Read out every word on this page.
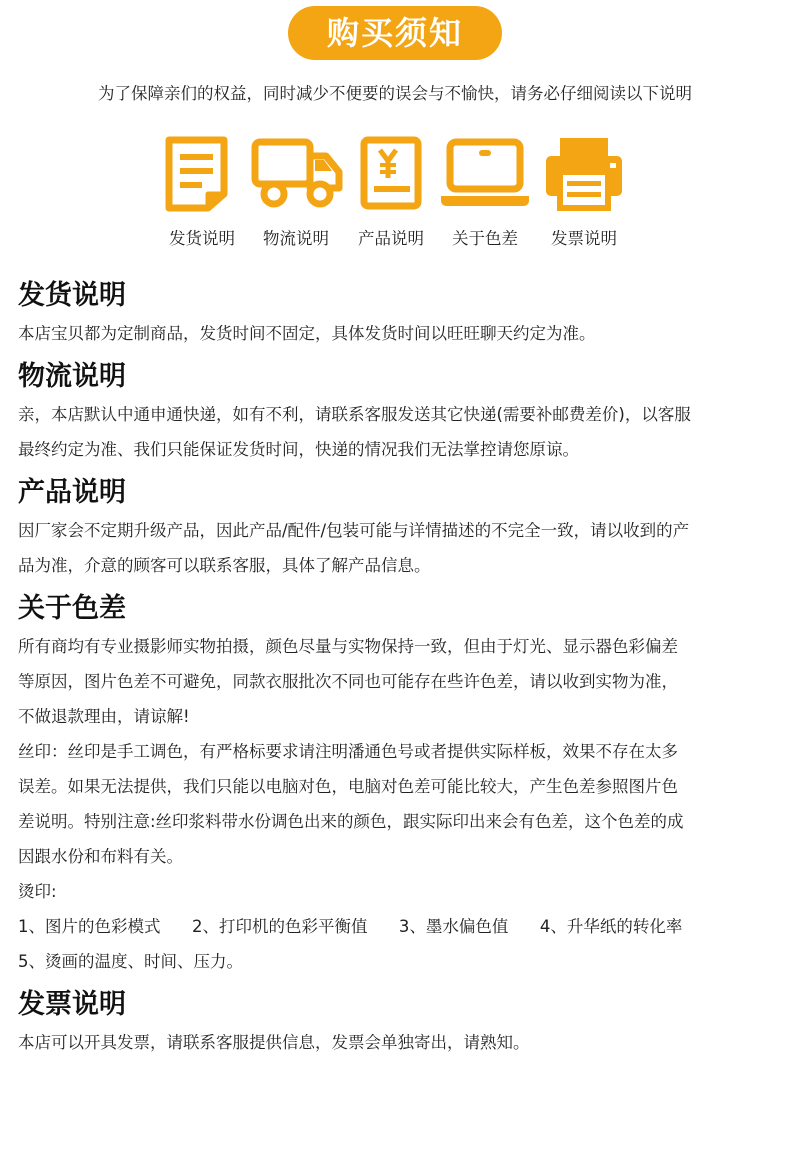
购买须知
为了保障亲们的权益，同时减少不便要的误会与不愉快，请务必仔细阅读以下说明
发货说明	物流说明	产品说明	关于色差	发票说明
发货说明

本店宝贝都为定制商品，发货时间不固定，具体发货时间以旺旺聊天约定为准。

物流说明

亲，本店默认中通申通快递，如有不利，请联系客服发送其它快递(需要补邮费差价)，以客服

最终约定为准、我们只能保证发货时间，快递的情况我们无法掌控请您原谅。

产品说明

因厂家会不定期升级产品，因此产品/配件/包装可能与详情描述的不完全一致，请以收到的产

品为准，介意的顾客可以联系客服，具体了解产品信息。

关于色差

所有商均有专业摄影师实物拍摄，颜色尽量与实物保持一致，但由于灯光、显示器色彩偏差

等原因，图片色差不可避免，同款衣服批次不同也可能存在些许色差，请以收到实物为准，

不做退款理由，请谅解!

丝印：丝印是手工调色，有严格标要求请注明潘通色号或者提供实际样板，效果不存在太多

误差。如果无法提供，我们只能以电脑对色，电脑对色差可能比较大，产生色差参照图片色

差说明。特别注意:丝印浆料带水份调色出来的颜色，跟实际印出来会有色差，这个色差的成

因跟水份和布料有关。

烫印:

1、图片的色彩模式      2、打印机的色彩平衡值      3、墨水偏色值      4、升华纸的转化率

5、烫画的温度、时间、压力。

发票说明

本店可以开具发票，请联系客服提供信息，发票会单独寄出，请熟知。
